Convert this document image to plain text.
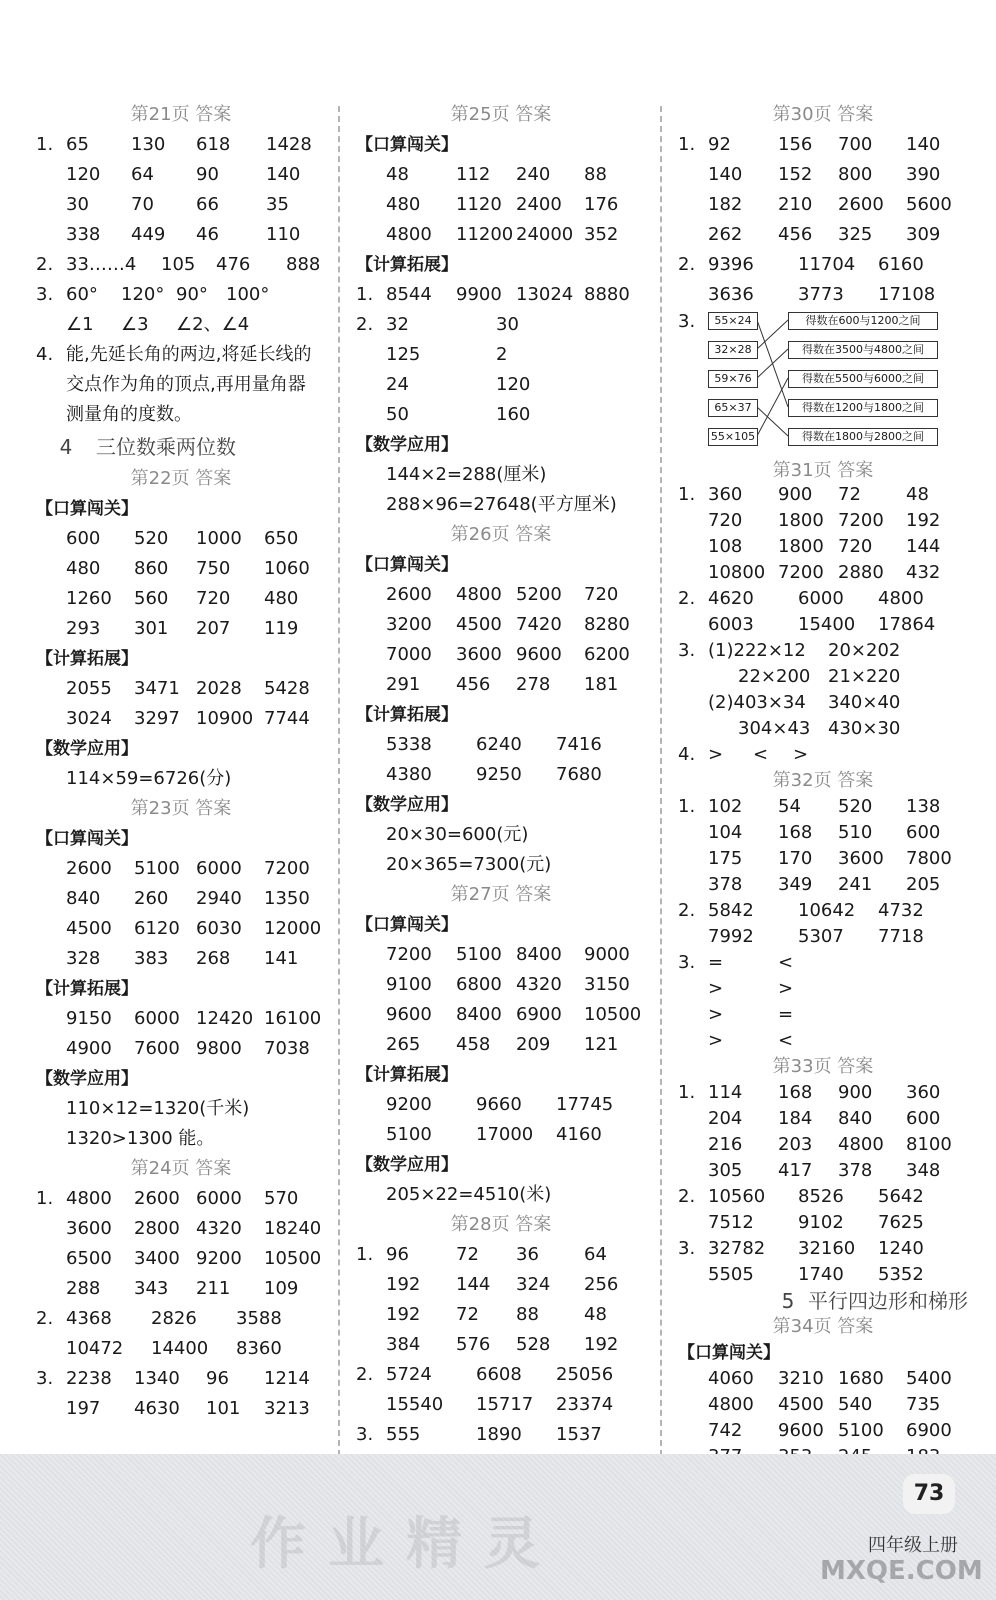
第21页 答案
1. 65 130 618 1428
120 64 90	140
30 70 66	35
338 449 46	110
2. 33……4 105 476 888
3. 60° 120° 90° 100°
∠1 ∠3 ∠2、∠4
4. 能,先延长角的两边,将延长线的交点作为角的顶点,再用量角器测量角的度数。
4 三位数乘两位数
第22页 答案
【口算闯关】
600 520 1000 650
480 860 750 1060
1260 560 720 480
293 301 207 119
【计算拓展】
2055 3471 2028 5428
3024 3297 10900 7744
【数学应用】
114×59=6726(分)
第23页 答案
【口算闯关】
2600 5100 6000 7200
840 260 2940 1350
4500 6120 6030 12000
328 383 268 141
【计算拓展】
9150 6000 12420 16100
4900 7600 9800 7038
【数学应用】
110×12=1320(千米)
1320>1300 能。
第24页 答案
1. 4800 2600 6000 570
3600 2800 4320 18240
6500 3400 9200 10500
288 343 211 109
2. 4368 2826 3588
10472 14400 8360
3. 2238 1340 96 1214
197 4630 101 3213
第25页 答案
【口算闯关】
48	112 240 88
480 1120 2400 176
4800 11200 24000 352
【计算拓展】
1. 8544 9900 13024 8880
2. 32	30
125	2
24	120
50	160
【数学应用】
144×2=288(厘米)
288×96=27648(平方厘米)
第26页 答案
【口算闯关】
2600 4800 5200 720
3200 4500 7420 8280
7000 3600 9600 6200
291 456 278 181
【计算拓展】
5338 6240 7416
4380 9250 7680
【数学应用】
20×30=600(元)
20×365=7300(元)
第27页 答案
【口算闯关】
7200 5100 8400 9000
9100 6800 4320 3150
9600 8400 6900 10500
265 458 209 121
【计算拓展】
9200 9660 17745
5100 17000 4160
【数学应用】
205×22=4510(米)
第28页 答案
1. 96	72 36	64
192 144 324 256
192 72 88	48
384 576 528 192
2. 5724 6608 25056
15540 15717 23374
3. 555	1890 1537
第30页 答案
1. 92	156 700 140
140 152 800 390
182 210 2600 5600
262 456 325 309
2. 9396 11704 6160
3636 3773 17108
3.	55×24
32×28
59×76
65×37
55×105
得数在600与1200之间
得数在3500与4800之间
得数在5500与6000之间
得数在1200与1800之间
得数在1800与2800之间
第31页 答案
1. 360 900 72	48
720 1800 7200 192
108 1800 720 144
10800 7200 2880 432
2. 4620 6000 4800
6003 15400 17864
3. (1)222×12 20×202
22×200 21×220
(2)403×34 340×40
304×43 430×30
4. > < >
第32页 答案
1. 102 54 520 138
104 168 510 600
175 170 3600 7800
378 349 241 205
2. 5842 10642 4732
7992 5307 7718
3. =	<
>	>
>	=
>	<
第33页 答案
1. 114 168 900 360
204 184 840 600
216 203 4800 8100
305 417 378 348
2. 10560 8526 5642
7512 9102 7625
3. 32782 32160 1240
5505 1740 5352
5 平行四边形和梯形
第34页 答案
【口算闯关】
4060 3210 1680 5400
4800 4500 540 735
742 9600 5100 6900
作业精灵
73
四年级上册
MXQE.COM
